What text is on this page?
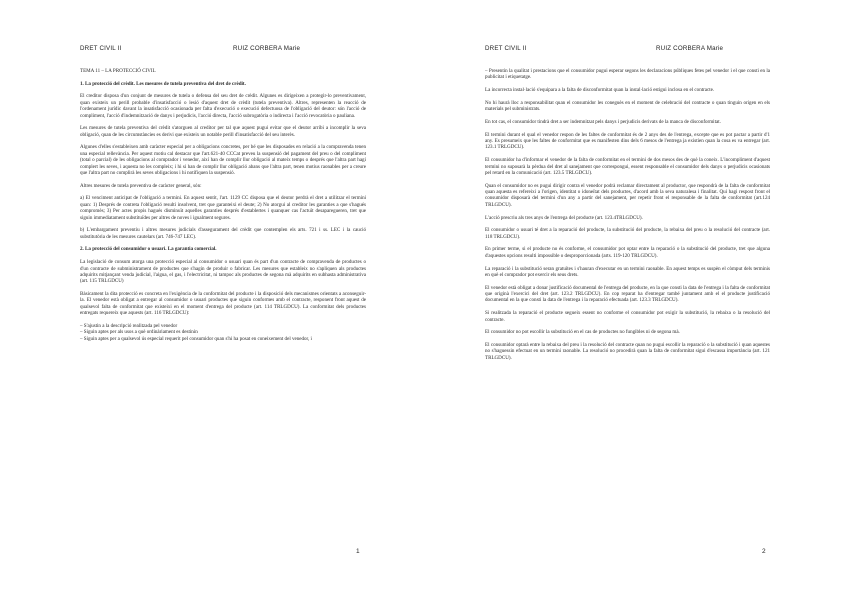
DRET CIVIL II	RUIZ CORBERA Marie

TEMA 11 – LA PROTECCIÓ CIVIL

1. La protecció del crèdit. Les mesures de tutela preventiva del dret de crèdit.

El creditor disposa d'un conjunt de mesures de tutela o defensa del seu dret de crèdit. Algunes es dirigeixen a protegir-lo preventivament, quan existeix un perill probable d'insatisfacció o lesió d'aquest dret de crèdit (tutela preventiva). Altres, representen la reacció de l'ordenament jurídic davant la insatisfacció ocasionada per falta d'execució o execució defectuosa de l'obligació del deutor: són l'acció de compliment, l'acció d'indemnització de danys i perjudicis, l'acció directa, l'acció subrogatòria o indirecta i l'acció revocatòria o pauliana.

Les mesures de tutela preventiva del crèdit s'atorguen al creditor per tal que aquest pugui evitar que el deutor arribi a incomplir la seva obligació, quan de les circumstàncies es derivi que existeix un notable perill d'insatisfacció del seu interès.

Algunes d'elles s'estableixen amb caràcter especial per a obligacions concretes, per bé que les disposades en relació a la compravenda tenen una especial rellevància. Per aquest motiu cal destacar que l'art.621-40 CCCat preveu la suspensió del pagament del preu o del compliment (total o parcial) de les obligacions al comprador i venedor, així han de complir llur obligació al mateix temps o després que l'altra part hagi complert les seves, i aquesta no les compleix; i hi si han de complir llur obligació abans que l'altra part, tenen motius raonables per a creure que l'altra part no complirà les seves obligacions i hi notifiquen la suspensió.

Altres mesures de tutela preventiva de caràcter general, són:

a) El venciment anticipat de l'obligació a termini. En aquest sentit, l'art. 1129 CC disposa que el deutor perdrà el dret a utilitzar el termini quan: 1) Després de contreta l'obligació resulti insolvent, tret que garanteixi el deute; 2) No atorgui al creditor les garanties a que s'hagués compromès; 3) Per actes propis hagués disminuït aquelles garanties després d'establertes i quanquer cas l'actuït desaparegueren, tret que siguin immediatament substituïdes per altres de noves i igualment segures.

b) L'embargament preventiu i altres mesures judicials d'assegurament del crèdit que contemplen els arts. 721 i ss. LEC i la caució substitutòria de les mesures cautelars (art. 746-747 LEC).

2. La protecció del consumidor o usuari. La garantia comercial.

La legislació de consum atorga una protecció especial al consumidor o usuari quan és part d'un contracte de compravenda de productes o d'un contracte de subministrament de productes que s'hagin de produir o fabricar. Les mesures que estableix no s'apliquen als productes adquirits mitjançant venda judicial, l'aigua, el gas, i l'electricitat, ni tampoc als productes de segona mà adquirits en subhasta administrativa (art. 115 TRLGDCU)

Bàsicament la dita protecció es concreta en l'exigència de la conformitat del producte i la disposició dels mecanismes orientats a aconseguir-la. El venedor està obligat a entregar al consumidor o usuari productes que siguin conformes amb el contracte, responent front aquest de qualsevol falta de conformitat que existeixi en el moment d'entrega del producte (art. 114 TRLGDCU). La conformitat dels productes entregats requereix que aquests (art. 116 TRLGDCU):

– S'ajustin a la descripció realitzada pel venedor

– Siguin aptes per als usos a què ordinàriament es destinin

– Siguin aptes per a qualsevol ús especial requerit pel consumidor quan s'hi ha posat en coneixement del venedor, i

1
DRET CIVIL II	RUIZ CORBERA Marie

– Presentin la qualitat i prestacions que el consumidor pugui esperar segons les declaracions públiques fetes pel venedor i el que consti en la publicitat i etiquetatge.

La incorrecta instal·lació s'equipara a la falta de disconformitat quan la instal·lació estigui inclosa en el contracte.

No hi haurà lloc a responsabilitat quan el consumidor les coneguès en el moment de celebració del contracte o quan tinguin origen en els materials pel subministrats.

En tot cas, el consumidor tindrà dret a ser indemnitzat pels danys i perjudicis derivats de la manca de disconformitat.

El termini durant el qual el venedor respon de les faltes de conformitat és de 2 anys des de l'entrega, excepte que es pot pactar a partir d'1 any. Es presumeix que les faltes de conformitat que es manifesten dins dels 6 mesos de l'entrega ja existien quan la cosa es va entregar (art. 123.1 TRLGDCU).

El consumidor ha d'informar el venedor de la falta de conformitat en el termini de dos mesos des de què la coneix. L'incompliment d'aquest termini no suposarà la pèrdua del dret al sanejament que correspongui, essent responsable el consumidor dels danys o perjudicis ocasionats pel retard en la comunicació (art. 123.5 TRLGDCU).

Quan el consumidor no es pugui dirigir contra el venedor podrà reclamar directament al productor, que respondrà de la falta de conformitat quan aquesta es refereixi a l'origen, identitat o idoneïtat dels productes, d'acord amb la seva naturalesa i finalitat. Qui hagi respost front el consumidor disposarà del termini d'un any a partir del sanejament, per repetir front el responsable de la falta de conformitat (art.124 TRLGDCU).

L'acció prescriu als tres anys de l'entrega del producte (art. 123.4TRLGDCU).

El consumidor o usuari té dret a la reparació del producte, la substitució del producte, la rebaixa del preu o la resolució del contracte (art. 118 TRLGDCU).

En primer terme, si el producte no és conforme, el consumidor pot optar entre la reparació o la substitució del producte, tret que alguna d'aquestes opcions resulti impossible o desproporcionada (arts. 119-120 TRLGDCU).

La reparació i la substitució seran gratuïtes i s'hauran d'executar en un termini raonable. En aquest temps es suspèn el còmput dels terminis en què el comprador pot exercir els seus drets.

El venedor està obligat a donar justificació documental de l'entrega del producte, en la que consti la data de l'entrega i la falta de conformitat que originà l'exercici del dret (art. 123.2 TRLGDCU). En cop reparat ha d'entregar també juntament amb el el producte justificació documental en la que consti la data de l'entrega i la reparació efectuada (art. 123.3 TRLGDCU).

Si realitzada la reparació el producte segueix essent no conforme el consumidor pot exigir la substitució, la rebaixa o la resolució del contracte.

El consumidor no pot escollir la substitució en el cas de productes no fungibles ni de segona mà.

El consumidor optarà entre la rebaixa del preu i la resolució del contracte quan no pugui escollir la reparació o la substitució i quan aquestes no s'haguessin efectuat en un termini raonable. La resolució no procedirà quan la falta de conformitat sigui d'escassa importància (art. 121 TRLGDCU).

2
